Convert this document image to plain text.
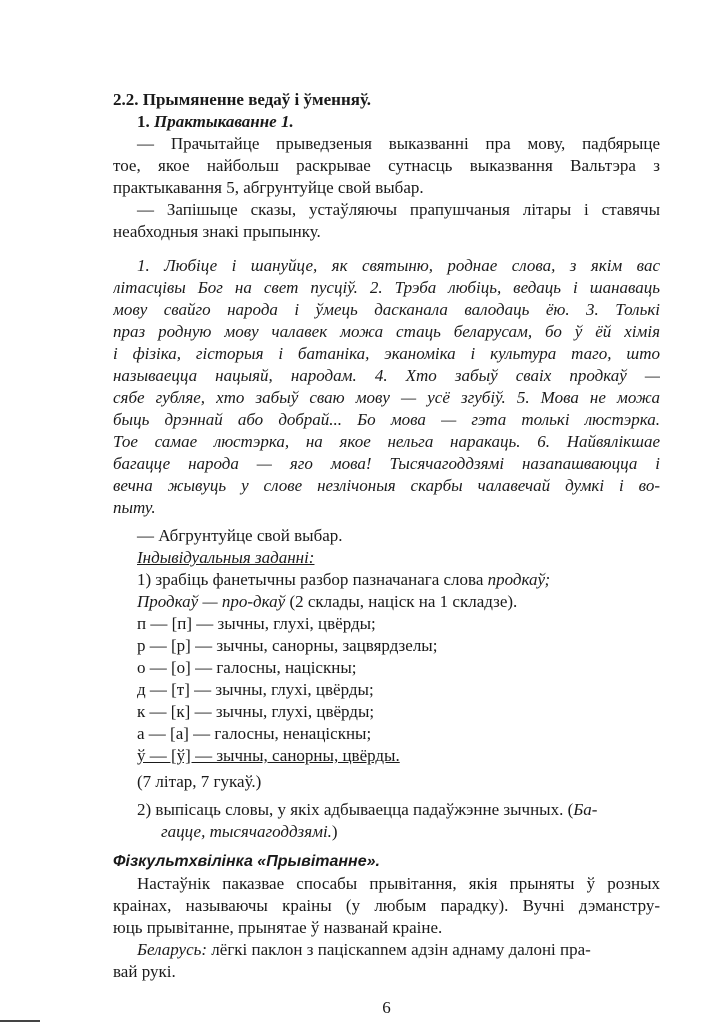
2.2. Прымяненне ведаў і ўменняў.
1. Практыкаванне 1.
— Прачытайце прыведзеныя выказванні пра мову, падбярыце
тое, якое найбольш раскрывае сутнасць выказвання Вальтэра з
практыкавання 5, абгрунтуйце свой выбар.
— Запішыце сказы, устаўляючы прапушчаныя літары і ставячы
неабходныя знакі прыпынку.
1. Любіце і шануйце, як святыню, роднае слова, з якім вас
літасцівы Бог на свет пусціў. 2. Трэба любіць, ведаць і шанаваць
мову свайго народа і ўмець дасканала валодаць ёю. 3. Толькі
праз родную мову чалавек можа стаць беларусам, бо ў ёй хімія
і фізіка, гісторыя і батаніка, эканоміка і культура таго, што
называецца нацыяй, народам. 4. Хто забыў сваіх продкаў —
сябе губляе, хто забыў сваю мову — усё згубіў. 5. Мова не можа
быць дрэннай або добрай... Бо мова — гэта толькі люстэрка.
Тое самае люстэрка, на якое нельга наракаць. 6. Найвялікшае
багацце народа — яго мова! Тысячагоддзямі назапашваюцца і
вечна жывуць у слове незлічоныя скарбы чалавечай думкі і во-
пыту.
— Абгрунтуйце свой выбар.
Індывідуальныя заданні:
1) зрабіць фанетычны разбор пазначанага слова продкаў;
Продкаў — про-дкаў (2 склады, націск на 1 складзе).
п — [п] — зычны, глухі, цвёрды;
р — [р] — зычны, санорны, зацвярдзелы;
о — [о] — галосны, націскны;
д — [т] — зычны, глухі, цвёрды;
к — [к] — зычны, глухі, цвёрды;
а — [а] — галосны, ненаціскны;
ў — [ў] — зычны, санорны, цвёрды.
(7 літар, 7 гукаў.)
2) выпісаць словы, у якіх адбываецца падаўжэнне зычных. (Ба-
гацце, тысячагоддзямі.)
Фізкультхвілінка «Прывітанне».
Настаўнік паказвае спосабы прывітання, якія прыняты ў розных
краінах, называючы краіны (у любым парадку). Вучні дэманстру-
юць прывітанне, прынятае ў названай краіне.
Беларусь: лёгкі паклон з паціскannем адзін аднаму далоні пра-
вай рукі.
6
